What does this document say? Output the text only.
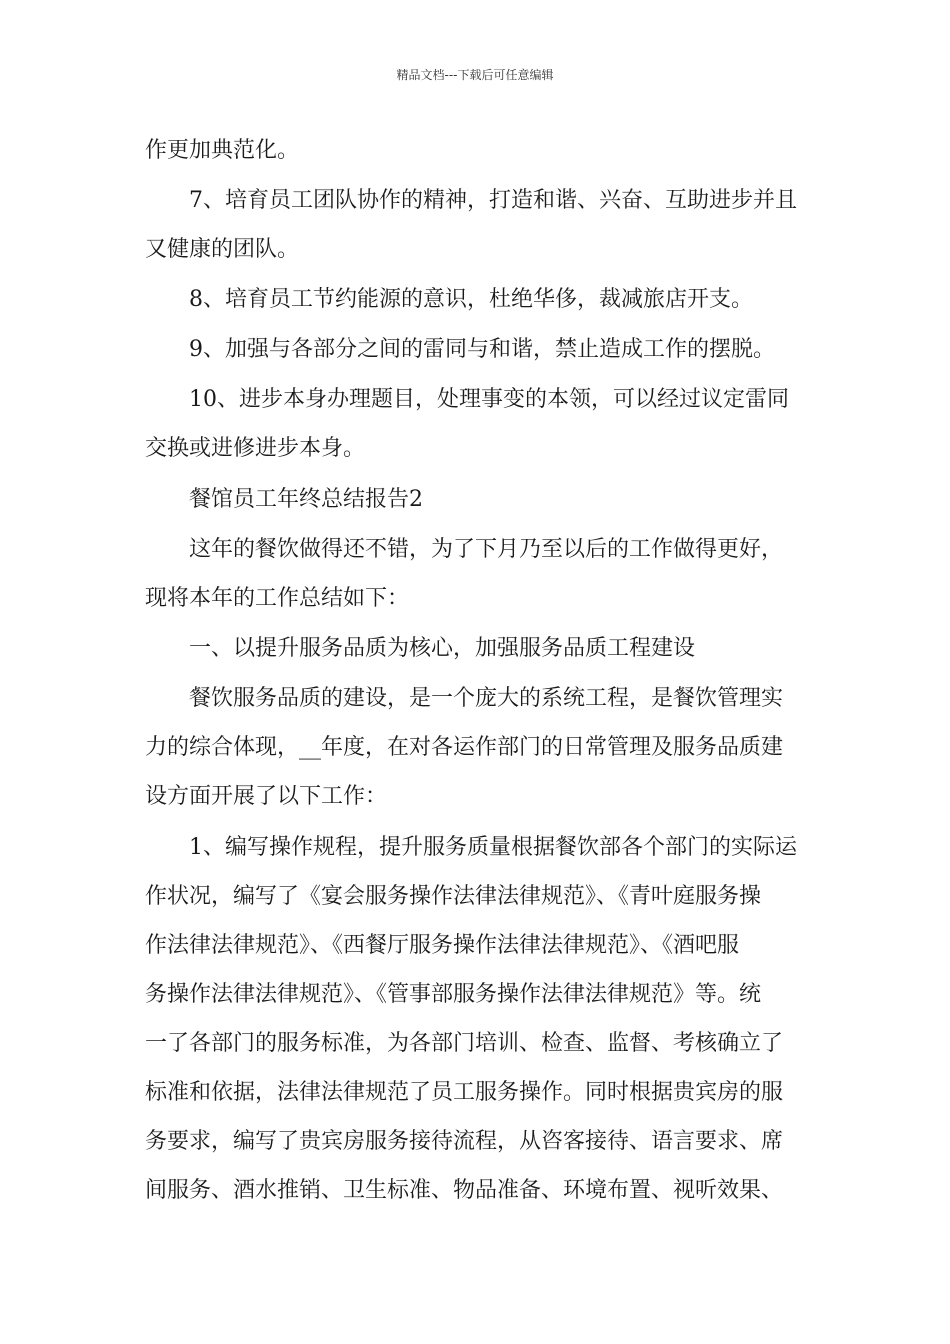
精品文档---下载后可任意编辑
作更加典范化。
　　7、培育员工团队协作的精神，打造和谐、兴奋、互助进步并且
又健康的团队。
　　8、培育员工节约能源的意识，杜绝华侈，裁减旅店开支。
　　9、加强与各部分之间的雷同与和谐，禁止造成工作的摆脱。
　　10、进步本身办理题目，处理事变的本领，可以经过议定雷同
交换或进修进步本身。
　　餐馆员工年终总结报告2
　　这年的餐饮做得还不错，为了下月乃至以后的工作做得更好，
现将本年的工作总结如下：
　　一、以提升服务品质为核心，加强服务品质工程建设
　　餐饮服务品质的建设，是一个庞大的系统工程，是餐饮管理实
力的综合体现，__年度，在对各运作部门的日常管理及服务品质建
设方面开展了以下工作：
　　1、编写操作规程，提升服务质量根据餐饮部各个部门的实际运
作状况，编写了《宴会服务操作法律法律规范》、《青叶庭服务操
作法律法律规范》、《西餐厅服务操作法律法律规范》、《酒吧服
务操作法律法律规范》、《管事部服务操作法律法律规范》等。统
一了各部门的服务标准，为各部门培训、检查、监督、考核确立了
标准和依据，法律法律规范了员工服务操作。同时根据贵宾房的服
务要求，编写了贵宾房服务接待流程，从咨客接待、语言要求、席
间服务、酒水推销、卫生标准、物品准备、环境布置、视听效果、
